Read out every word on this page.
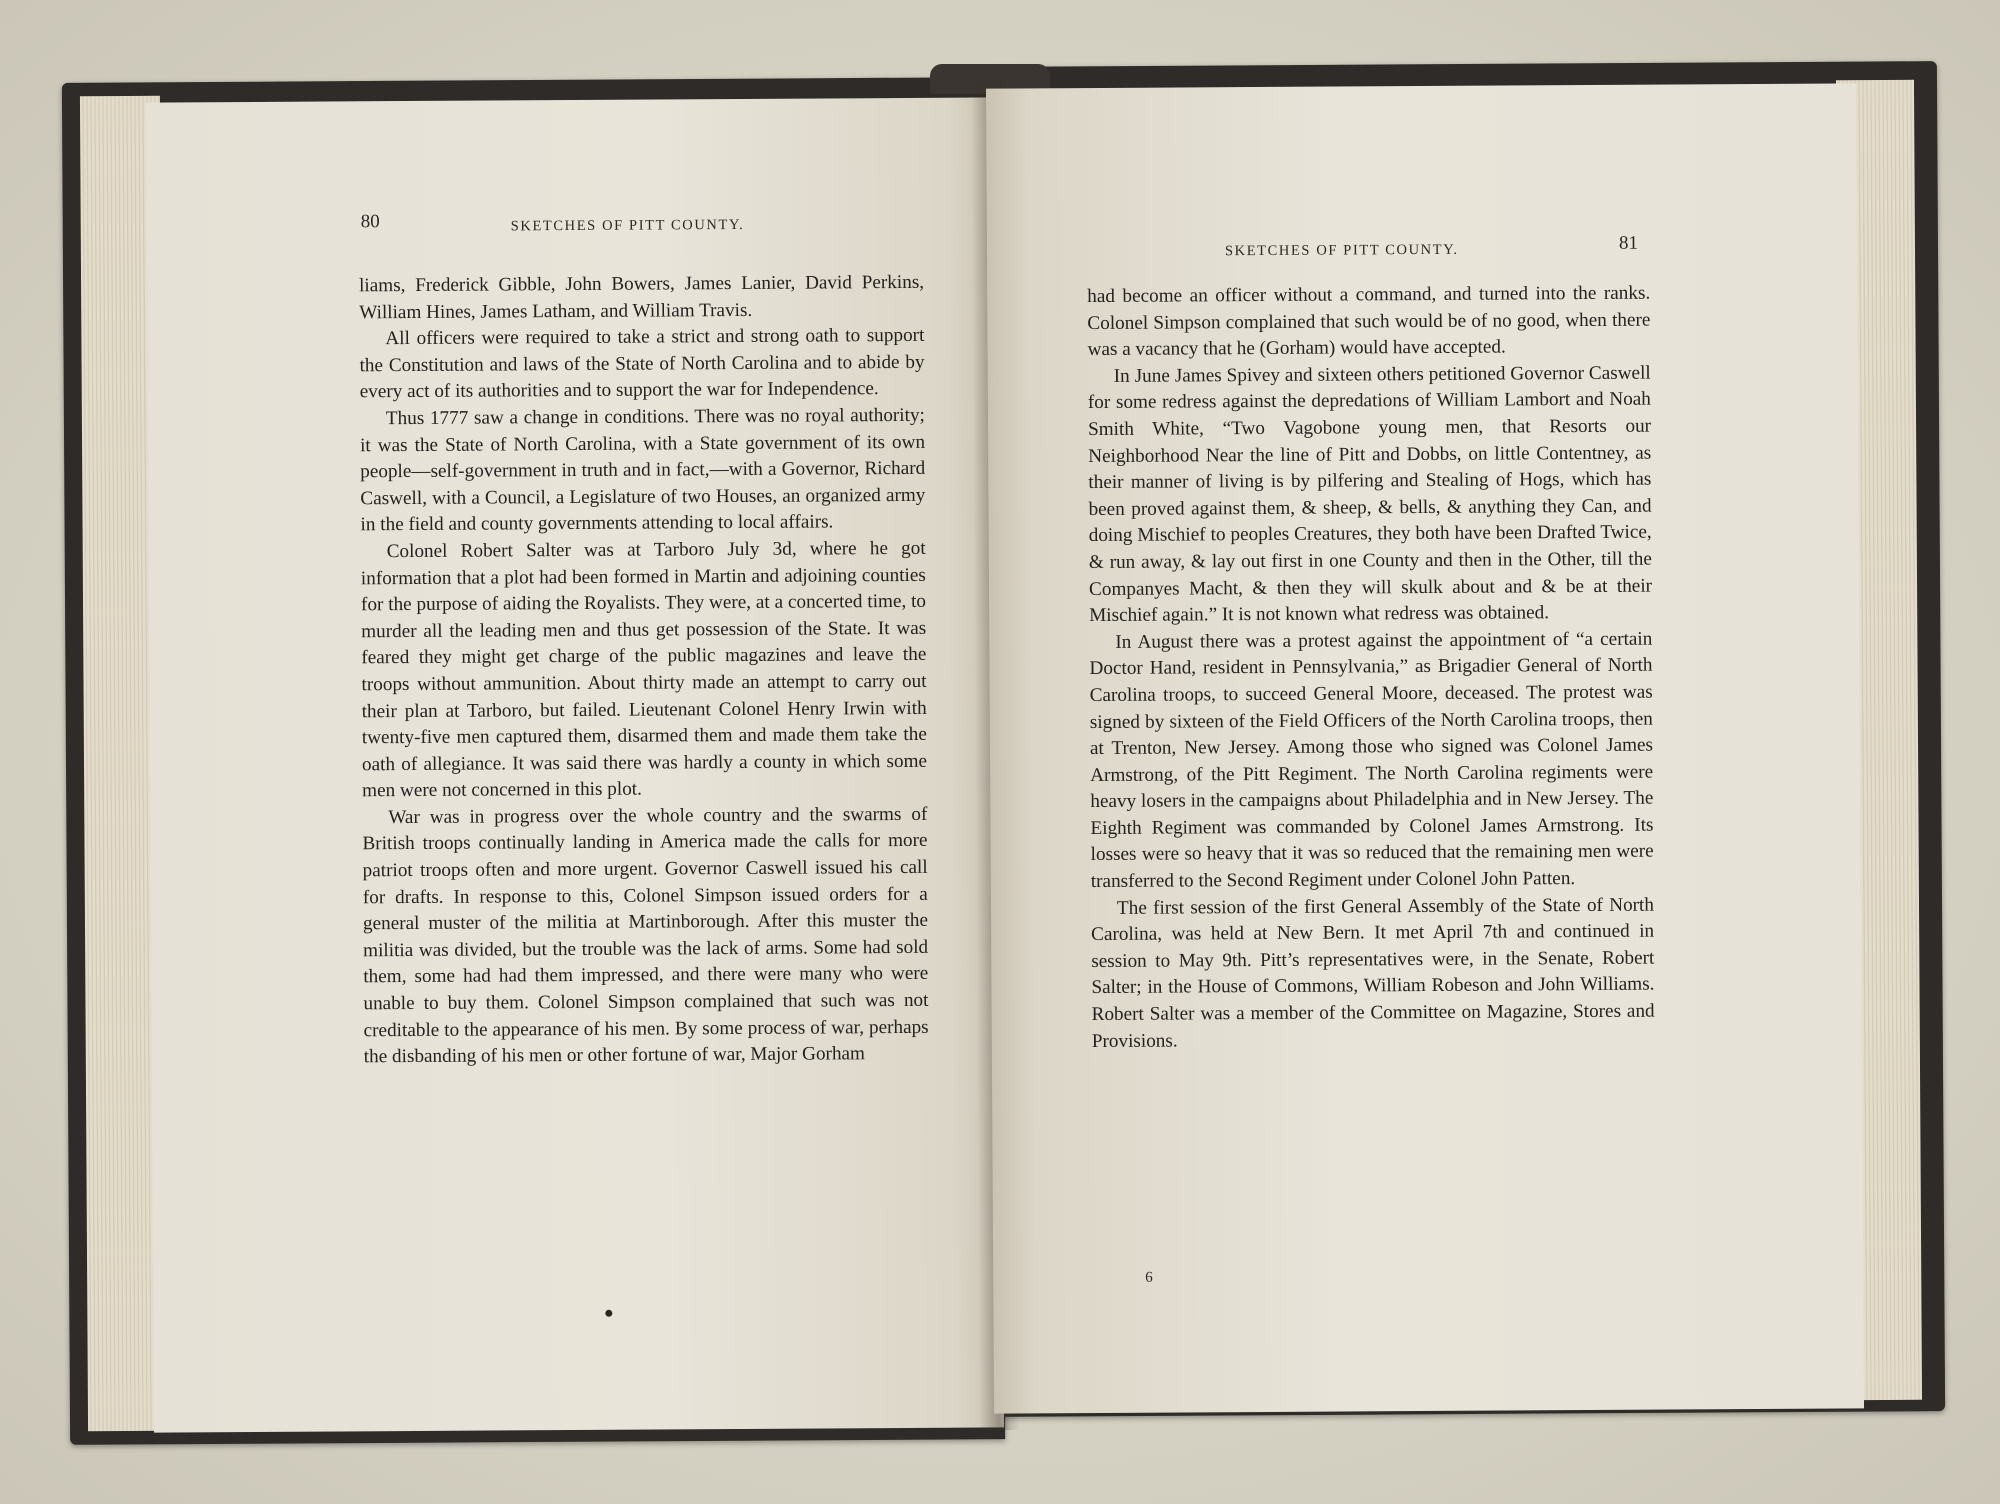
80	SKETCHES OF PITT COUNTY.

liams, Frederick Gibble, John Bowers, James Lanier, David Perkins, William Hines, James Latham, and William Travis.

All officers were required to take a strict and strong oath to support the Constitution and laws of the State of North Carolina and to abide by every act of its authorities and to support the war for Independence.

Thus 1777 saw a change in conditions. There was no royal authority; it was the State of North Carolina, with a State government of its own people—self-government in truth and in fact,—with a Governor, Richard Caswell, with a Council, a Legislature of two Houses, an organized army in the field and county governments attending to local affairs.

Colonel Robert Salter was at Tarboro July 3d, where he got information that a plot had been formed in Martin and adjoining counties for the purpose of aiding the Royalists. They were, at a concerted time, to murder all the leading men and thus get possession of the State. It was feared they might get charge of the public magazines and leave the troops without ammunition. About thirty made an attempt to carry out their plan at Tarboro, but failed. Lieutenant Colonel Henry Irwin with twenty-five men captured them, disarmed them and made them take the oath of allegiance. It was said there was hardly a county in which some men were not concerned in this plot.

War was in progress over the whole country and the swarms of British troops continually landing in America made the calls for more patriot troops often and more urgent. Governor Caswell issued his call for drafts. In response to this, Colonel Simpson issued orders for a general muster of the militia at Martinborough. After this muster the militia was divided, but the trouble was the lack of arms. Some had sold them, some had had them impressed, and there were many who were unable to buy them. Colonel Simpson complained that such was not creditable to the appearance of his men. By some process of war, perhaps the disbanding of his men or other fortune of war, Major Gorham

SKETCHES OF PITT COUNTY.	81

had become an officer without a command, and turned into the ranks. Colonel Simpson complained that such would be of no good, when there was a vacancy that he (Gorham) would have accepted.

In June James Spivey and sixteen others petitioned Governor Caswell for some redress against the depredations of William Lambort and Noah Smith White, “Two Vagobone young men, that Resorts our Neighborhood Near the line of Pitt and Dobbs, on little Contentney, as their manner of living is by pilfering and Stealing of Hogs, which has been proved against them, & sheep, & bells, & anything they Can, and doing Mischief to peoples Creatures, they both have been Drafted Twice, & run away, & lay out first in one County and then in the Other, till the Companyes Macht, & then they will skulk about and & be at their Mischief again.” It is not known what redress was obtained.

In August there was a protest against the appointment of “a certain Doctor Hand, resident in Pennsylvania,” as Brigadier General of North Carolina troops, to succeed General Moore, deceased. The protest was signed by sixteen of the Field Officers of the North Carolina troops, then at Trenton, New Jersey. Among those who signed was Colonel James Armstrong, of the Pitt Regiment. The North Carolina regiments were heavy losers in the campaigns about Philadelphia and in New Jersey. The Eighth Regiment was commanded by Colonel James Armstrong. Its losses were so heavy that it was so reduced that the remaining men were transferred to the Second Regiment under Colonel John Patten.

The first session of the first General Assembly of the State of North Carolina, was held at New Bern. It met April 7th and continued in session to May 9th. Pitt’s representatives were, in the Senate, Robert Salter; in the House of Commons, William Robeson and John Williams. Robert Salter was a member of the Committee on Magazine, Stores and Provisions.

6
